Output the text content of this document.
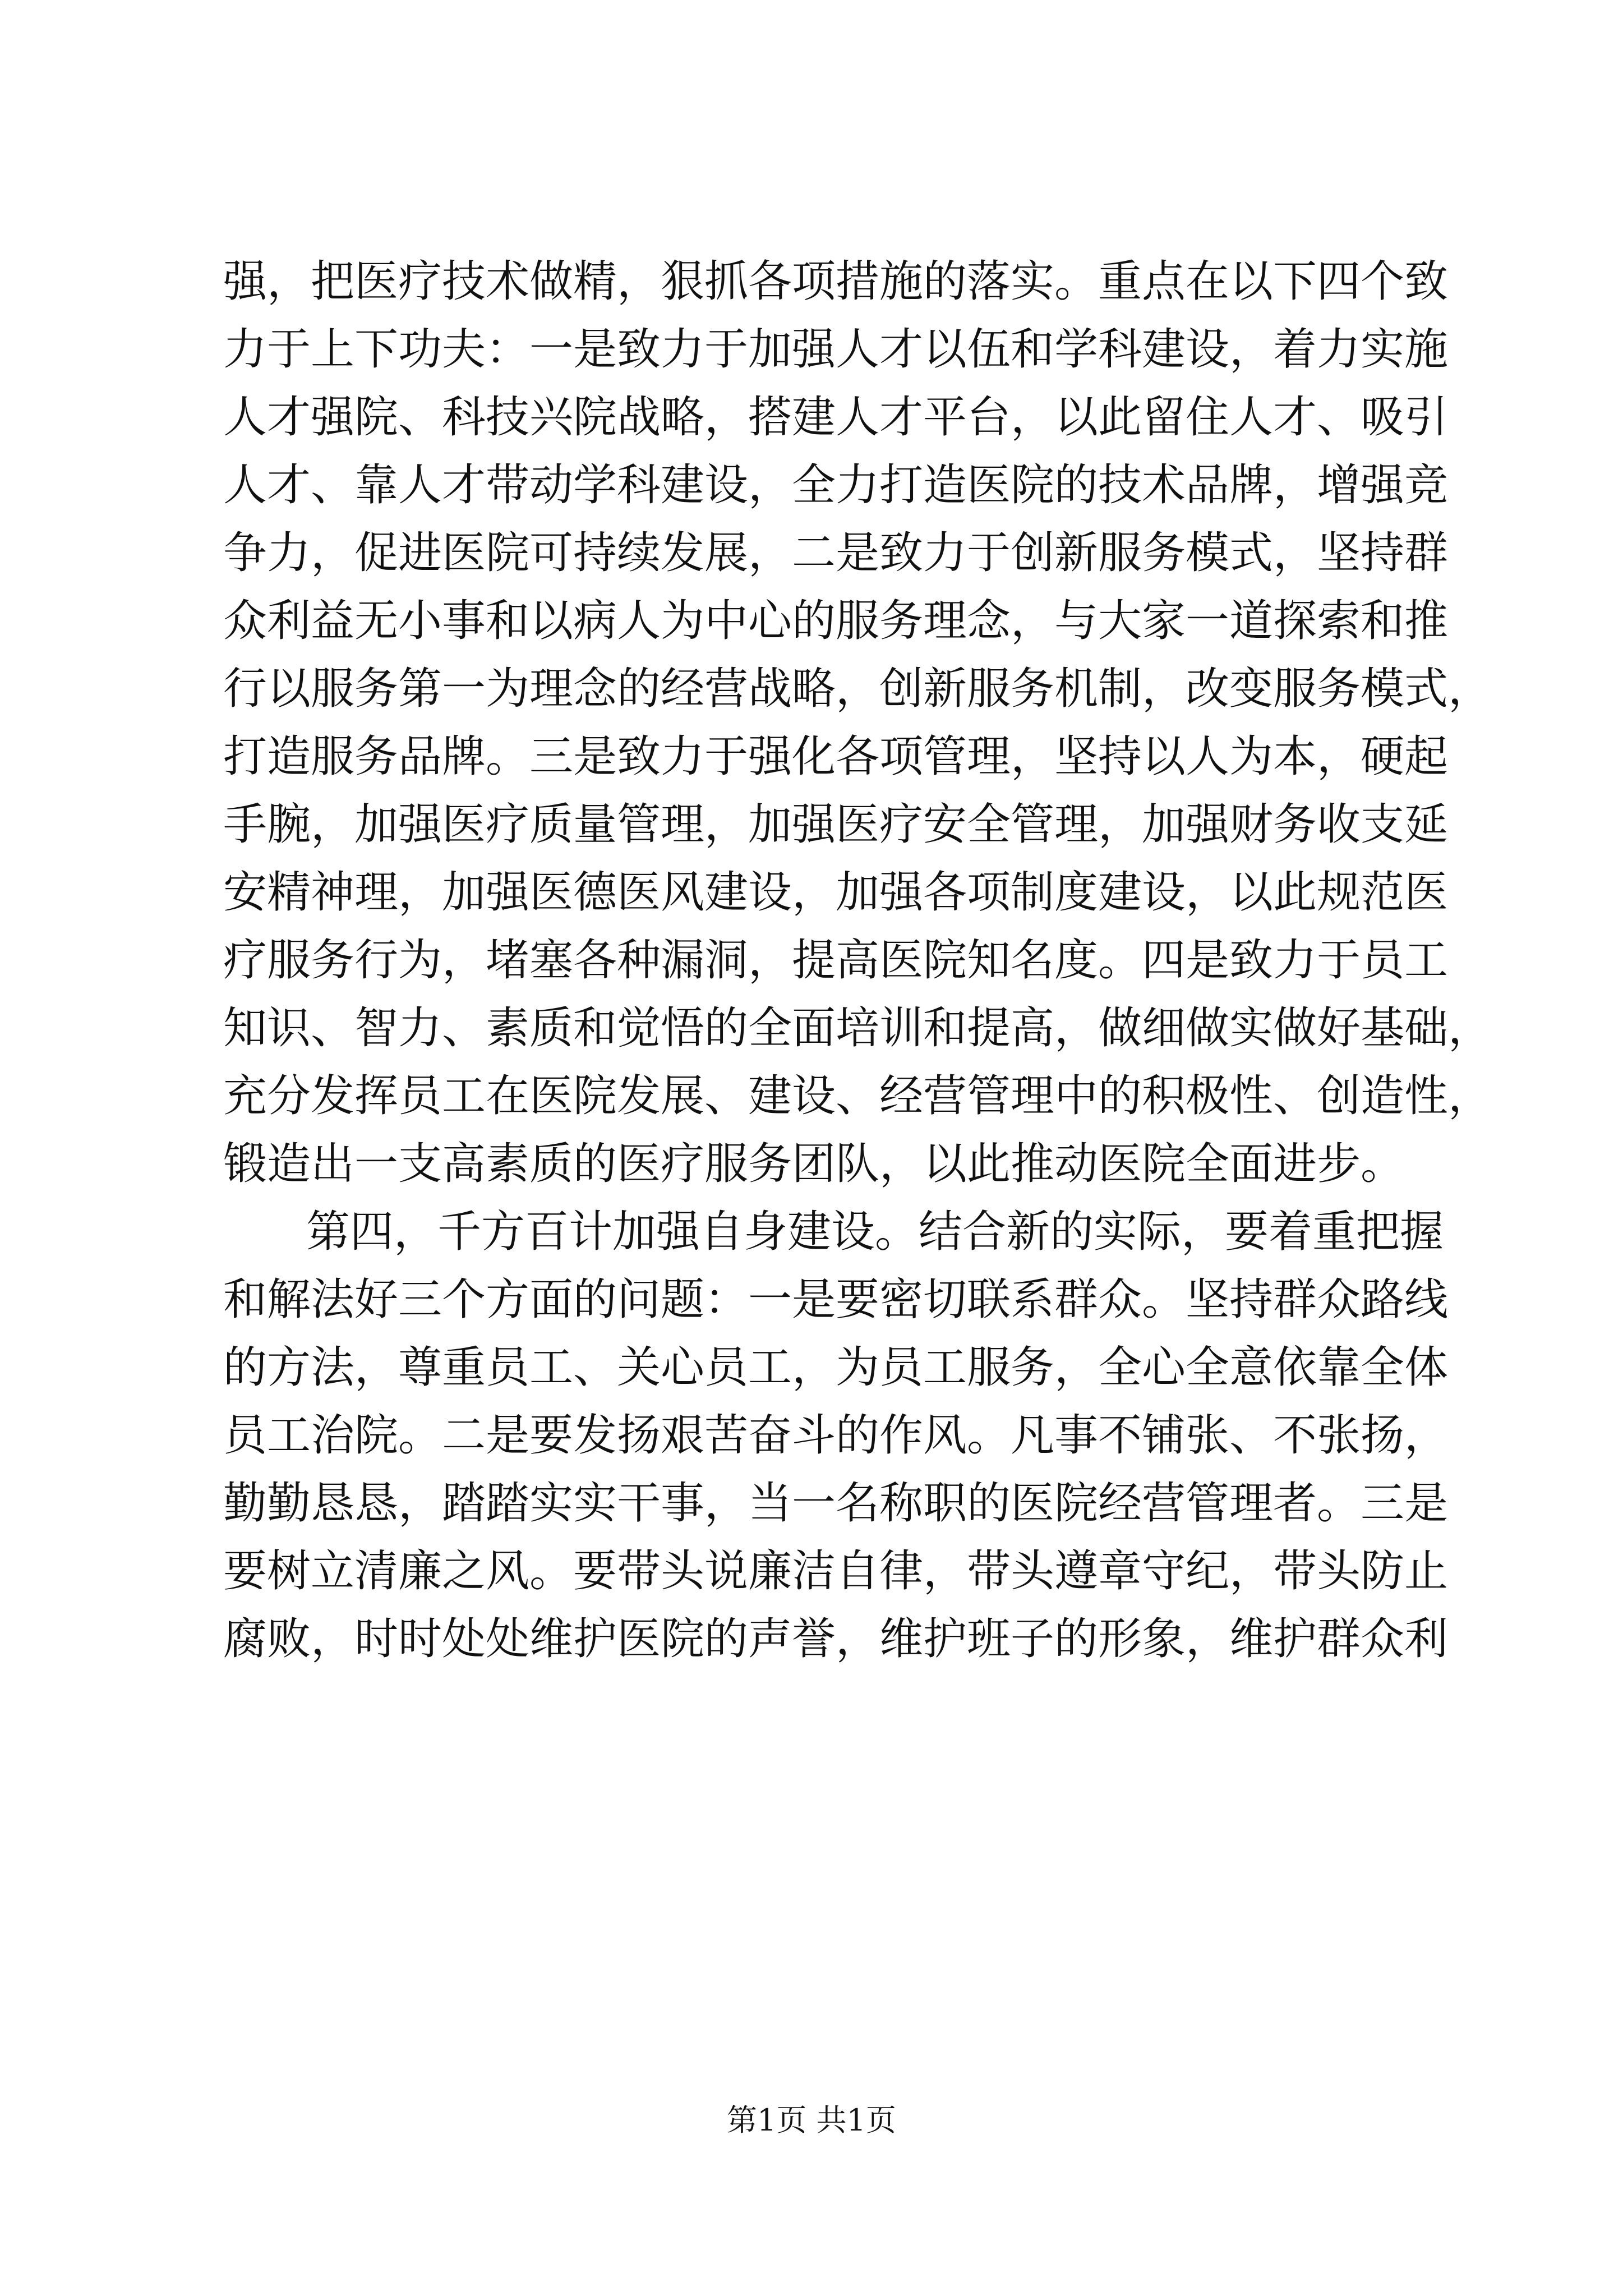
强，把医疗技术做精，狠抓各项措施的落实。重点在以下四个致
力于上下功夫：一是致力于加强人才以伍和学科建设，着力实施
人才强院、科技兴院战略，搭建人才平台，以此留住人才、吸引
人才、靠人才带动学科建设，全力打造医院的技术品牌，增强竞
争力，促进医院可持续发展，二是致力于创新服务模式，坚持群
众利益无小事和以病人为中心的服务理念，与大家一道探索和推
行以服务第一为理念的经营战略，创新服务机制，改变服务模式，
打造服务品牌。三是致力于强化各项管理，坚持以人为本，硬起
手腕，加强医疗质量管理，加强医疗安全管理，加强财务收支延
安精神理，加强医德医风建设，加强各项制度建设，以此规范医
疗服务行为，堵塞各种漏洞，提高医院知名度。四是致力于员工
知识、智力、素质和觉悟的全面培训和提高，做细做实做好基础，
充分发挥员工在医院发展、建设、经营管理中的积极性、创造性，
锻造出一支高素质的医疗服务团队，以此推动医院全面进步。
第四，千方百计加强自身建设。结合新的实际，要着重把握
和解法好三个方面的问题：一是要密切联系群众。坚持群众路线
的方法，尊重员工、关心员工，为员工服务，全心全意依靠全体
员工治院。二是要发扬艰苦奋斗的作风。凡事不铺张、不张扬，
勤勤恳恳，踏踏实实干事，当一名称职的医院经营管理者。三是
要树立清廉之风。要带头说廉洁自律，带头遵章守纪，带头防止
腐败，时时处处维护医院的声誉，维护班子的形象，维护群众利
第1页 共1页
